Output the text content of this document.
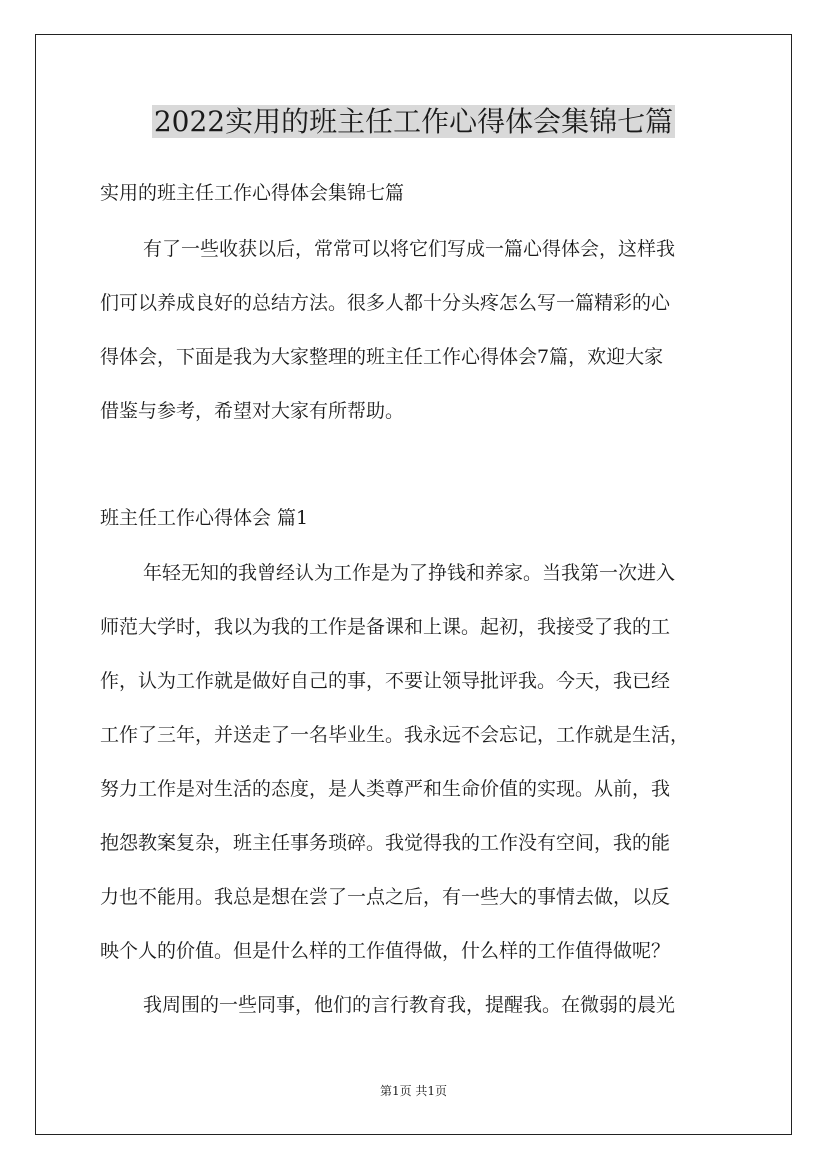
2022实用的班主任工作心得体会集锦七篇

实用的班主任工作心得体会集锦七篇

有了一些收获以后，常常可以将它们写成一篇心得体会，这样我

们可以养成良好的总结方法。很多人都十分头疼怎么写一篇精彩的心

得体会，下面是我为大家整理的班主任工作心得体会7篇，欢迎大家

借鉴与参考，希望对大家有所帮助。

班主任工作心得体会 篇1

年轻无知的我曾经认为工作是为了挣钱和养家。当我第一次进入

师范大学时，我以为我的工作是备课和上课。起初，我接受了我的工

作，认为工作就是做好自己的事，不要让领导批评我。今天，我已经

工作了三年，并送走了一名毕业生。我永远不会忘记，工作就是生活，

努力工作是对生活的态度，是人类尊严和生命价值的实现。从前，我

抱怨教案复杂，班主任事务琐碎。我觉得我的工作没有空间，我的能

力也不能用。我总是想在尝了一点之后，有一些大的事情去做，以反

映个人的价值。但是什么样的工作值得做，什么样的工作值得做呢？

我周围的一些同事，他们的言行教育我，提醒我。在微弱的晨光

第1页 共1页
